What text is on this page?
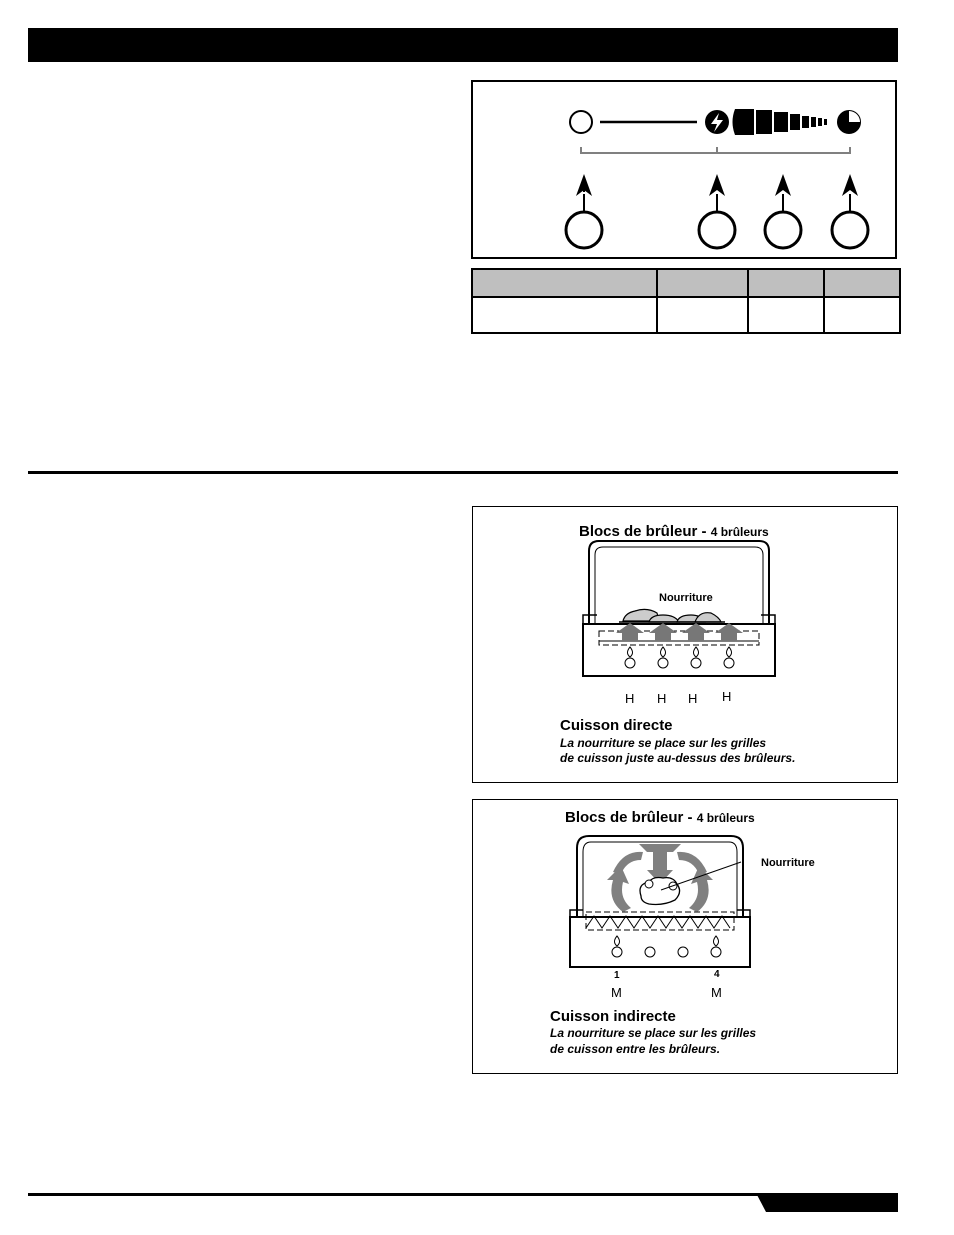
Blocs de brûleur - 4 brûleurs
Nourriture
H H H H
Cuisson directe
La nourriture se place sur les grilles
de cuisson juste au-dessus des brûleurs.
Blocs de brûleur - 4 brûleurs
Nourriture
1	4
M	M
Cuisson indirecte
La nourriture se place sur les grilles
de cuisson entre les brûleurs.
